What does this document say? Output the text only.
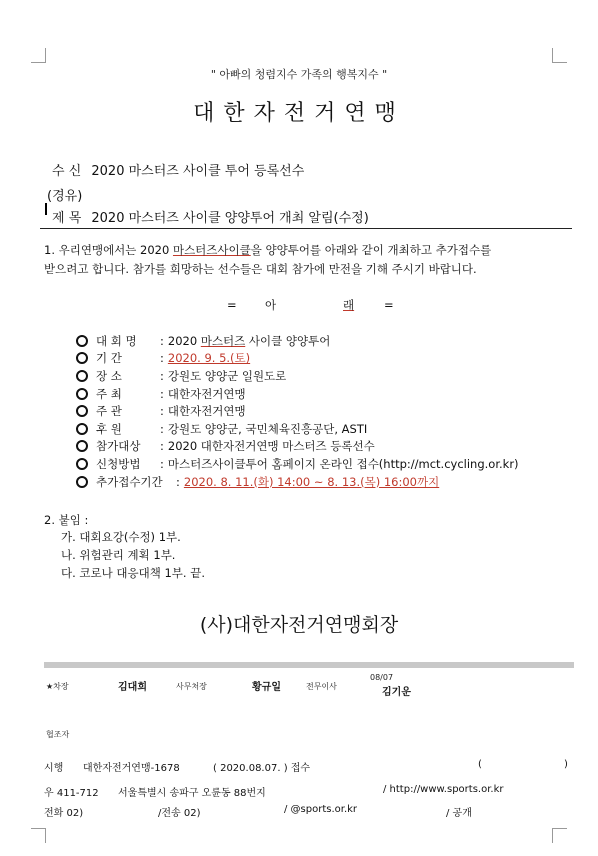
" 아빠의 청렴지수 가족의 행복지수 "
대한자전거연맹
수 신 2020 마스터즈 사이클 투어 등록선수
(경유)
제 목 2020 마스터즈 사이클 양양투어 개최 알림(수정)
1. 우리연맹에서는 2020 마스터즈사이클을 양양투어를 아래와 같이 개최하고 추가접수를
받으려고 합니다. 참가를 희망하는 선수들은 대회 참가에 만전을 기해 주시기 바랍니다.
= 아	래	=
대 회 명	: 2020 마스터즈 사이클 양양투어
기 간	: 2020. 9. 5.(토)
장 소	: 강원도 양양군 일원도로
주 최	: 대한자전거연맹
주 관	: 대한자전거연맹
후 원	: 강원도 양양군, 국민체육진흥공단, ASTI
참가대상	: 2020 대한자전거연맹 마스터즈 등록선수
신청방법	: 마스터즈사이클투어 홈페이지 온라인 접수(http://mct.cycling.or.kr)
추가접수기간	: 2020. 8. 11.(화) 14:00 ~ 8. 13.(목) 16:00까지
2. 붙임 :
가. 대회요강(수정) 1부.
나. 위험관리 계획 1부.
다. 코로나 대응대책 1부. 끝.
(사)대한자전거연맹회장
★차장	김대희	사무처장	황규일	전무이사
08/07
김기운
협조자
시행 대한자전거연맹-1678	( 2020.08.07. ) 접수	(	)
우 411-712 서울특별시 송파구 오륜동 88번지	/ http://www.sports.or.kr
전화 02)	/전송 02)	/ @sports.or.kr	/ 공개
